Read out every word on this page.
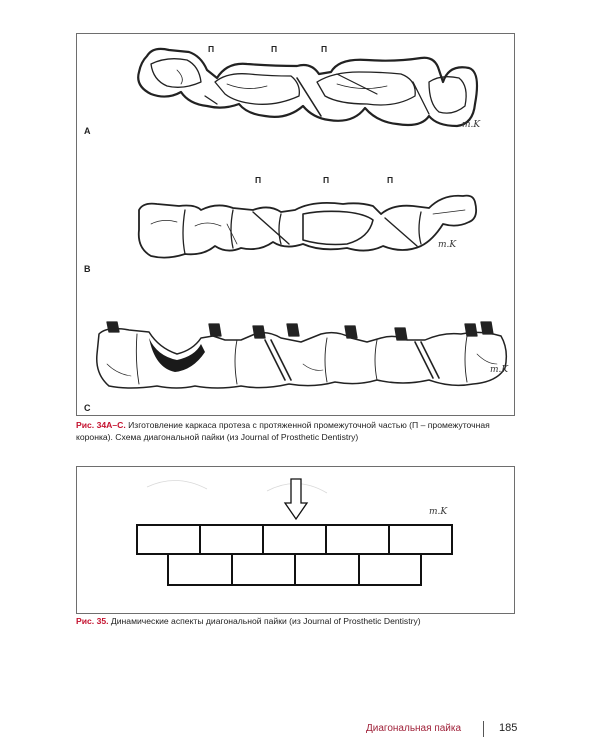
A
B
C
П	П	П
П	П	П
m.K
m.K
m.K
Рис. 34А–С. Изготовление каркаса протеза с протяженной промежуточной частью (П – промежуточная коронка). Схема диагональной пайки (из Journal of Prosthetic Dentistry)
m.K
Рис. 35. Динамические аспекты диагональной пайки (из Journal of Prosthetic Dentistry)
Диагональная пайка	185
